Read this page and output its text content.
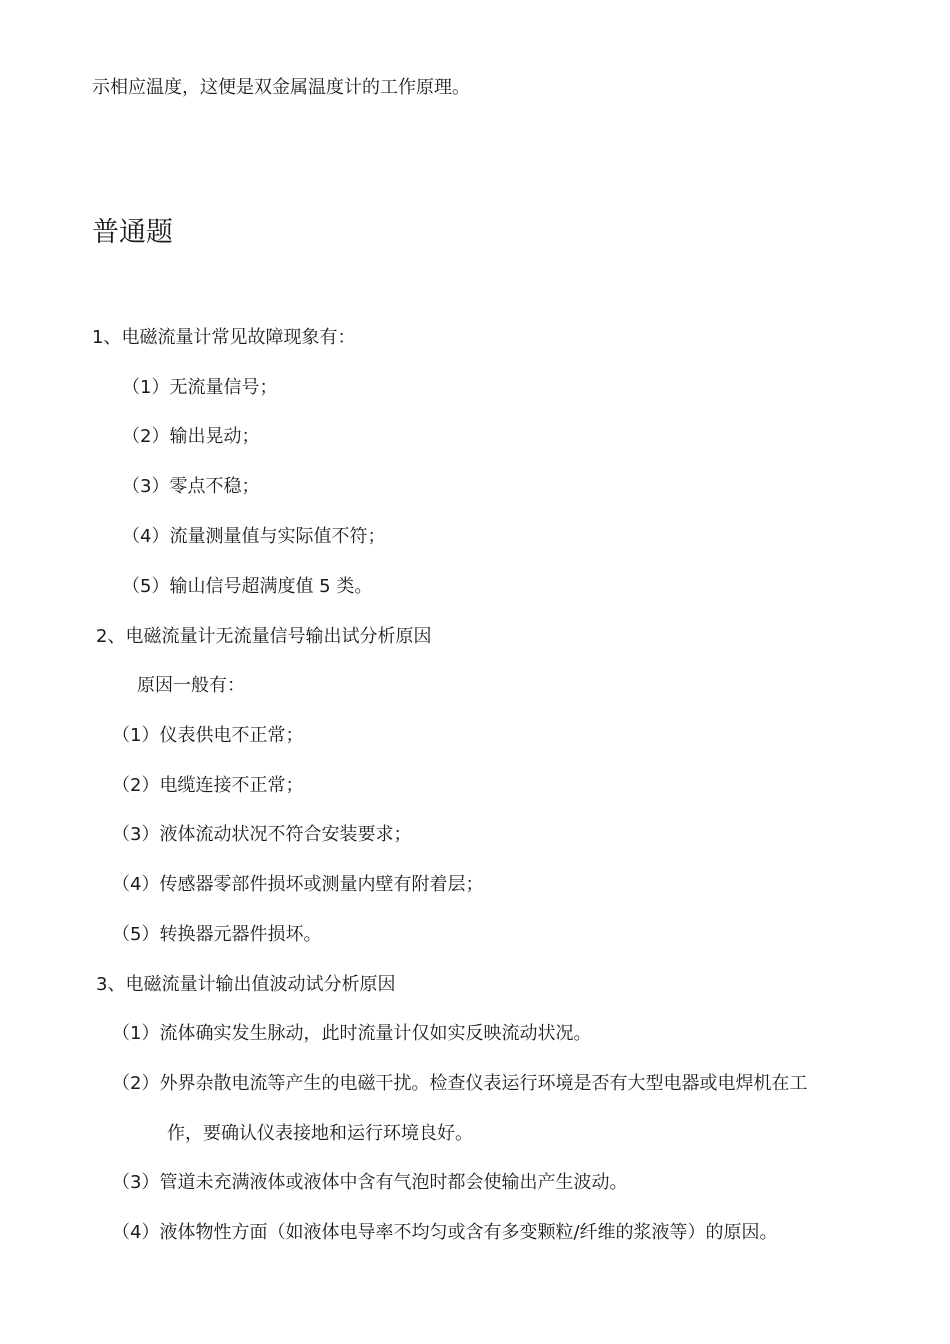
示相应温度，这便是双金属温度计的工作原理。
普通题
1、电磁流量计常见故障现象有：
（1）无流量信号；
（2）输出晃动；
（3）零点不稳；
（4）流量测量值与实际值不符；
（5）输山信号超满度值 5 类。
2、电磁流量计无流量信号输出试分析原因
原因一般有：
（1）仪表供电不正常；
（2）电缆连接不正常；
（3）液体流动状况不符合安装要求；
（4）传感器零部件损坏或测量内壁有附着层；
（5）转换器元器件损坏。
3、电磁流量计输出值波动试分析原因
（1）流体确实发生脉动，此时流量计仅如实反映流动状况。
（2）外界杂散电流等产生的电磁干扰。检查仪表运行环境是否有大型电器或电焊机在工
作，要确认仪表接地和运行环境良好。
（3）管道未充满液体或液体中含有气泡时都会使输出产生波动。
（4）液体物性方面（如液体电导率不均匀或含有多变颗粒/纤维的浆液等）的原因。
